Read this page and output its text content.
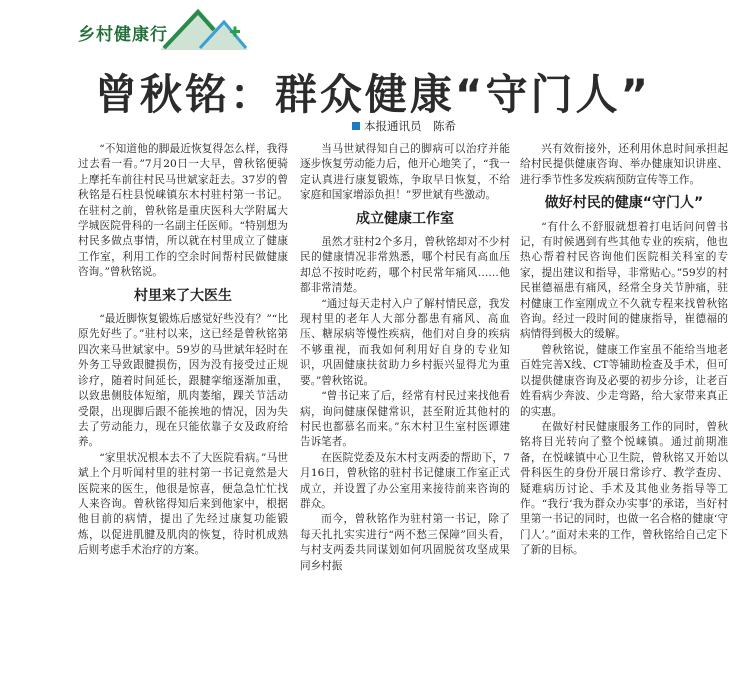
乡村健康行
曾秋铭：群众健康“守门人”
本报通讯员　陈希

“不知道他的脚最近恢复得怎么样，我得过去看一看。”7月20日一大早，曾秋铭便骑上摩托车前往村民马世斌家赶去。37岁的曾秋铭是石柱县悦崃镇东木村驻村第一书记。在驻村之前，曾秋铭是重庆医科大学附属大学城医院骨科的一名副主任医师。“特别想为村民多做点事情，所以就在村里成立了健康工作室，利用工作的空余时间帮村民做健康咨询。”曾秋铭说。

村里来了大医生

“最近脚恢复锻炼后感觉好些没有？”“比原先好些了。”驻村以来，这已经是曾秋铭第四次来马世斌家中。59岁的马世斌年轻时在外务工导致跟腱损伤，因为没有接受过正规诊疗，随着时间延长，跟腱挛缩逐渐加重，以致患侧肢体短缩，肌肉萎缩，踝关节活动受限，出现脚后跟不能挨地的情况，因为失去了劳动能力，现在只能依靠子女及政府给养。

“家里状况根本去不了大医院看病。”马世斌上个月听闻村里的驻村第一书记竟然是大医院来的医生，他很是惊喜，便急急忙忙找人来咨询。曾秋铭得知后来到他家中，根据他目前的病情，提出了先经过康复功能锻炼，以促进肌腱及肌肉的恢复，待时机成熟后则考虑手术治疗的方案。

当马世斌得知自己的脚病可以治疗并能逐步恢复劳动能力后，他开心地笑了，“我一定认真进行康复锻炼，争取早日恢复，不给家庭和国家增添负担！”罗世斌有些激动。

成立健康工作室

虽然才驻村2个多月，曾秋铭却对不少村民的健康情况非常熟悉，哪个村民有高血压却总不按时吃药，哪个村民常年痛风……他都非常清楚。

“通过每天走村入户了解村情民意，我发现村里的老年人大部分都患有痛风、高血压、糖尿病等慢性疾病，他们对自身的疾病不够重视，而我如何利用好自身的专业知识，巩固健康扶贫助力乡村振兴显得尤为重要。”曾秋铭说。

“曾书记来了后，经常有村民过来找他看病，询问健康保健常识，甚至附近其他村的村民也都慕名而来。”东木村卫生室村医谭建告诉笔者。

在医院党委及东木村支两委的帮助下，7月16日，曾秋铭的驻村书记健康工作室正式成立，并设置了办公室用来接待前来咨询的群众。

而今，曾秋铭作为驻村第一书记，除了每天扎扎实实进行“两不愁三保障”回头看，与村支两委共同谋划如何巩固脱贫攻坚成果同乡村振

兴有效衔接外，还利用休息时间承担起给村民提供健康咨询、举办健康知识讲座、进行季节性多发疾病预防宣传等工作。

做好村民的健康“守门人”

“有什么不舒服就想着打电话问问曾书记，有时候遇到有些其他专业的疾病，他也热心帮着村民咨询他们医院相关科室的专家，提出建议和指导，非常贴心。”59岁的村民崔德福患有痛风，经常全身关节肿痛，驻村健康工作室刚成立不久就专程来找曾秋铭咨询。经过一段时间的健康指导，崔德福的病情得到极大的缓解。

曾秋铭说，健康工作室虽不能给当地老百姓完善X线、CT等辅助检查及手术，但可以提供健康咨询及必要的初步分诊，让老百姓看病少奔波、少走弯路，给大家带来真正的实惠。

在做好村民健康服务工作的同时，曾秋铭将目光转向了整个悦崃镇。通过前期准备，在悦崃镇中心卫生院，曾秋铭又开始以骨科医生的身份开展日常诊疗、教学查房、疑难病历讨论、手术及其他业务指导等工作。“我行‘我为群众办实事’的承诺，当好村里第一书记的同时，也做一名合格的健康‘守门人’。”面对未来的工作，曾秋铭给自己定下了新的目标。
